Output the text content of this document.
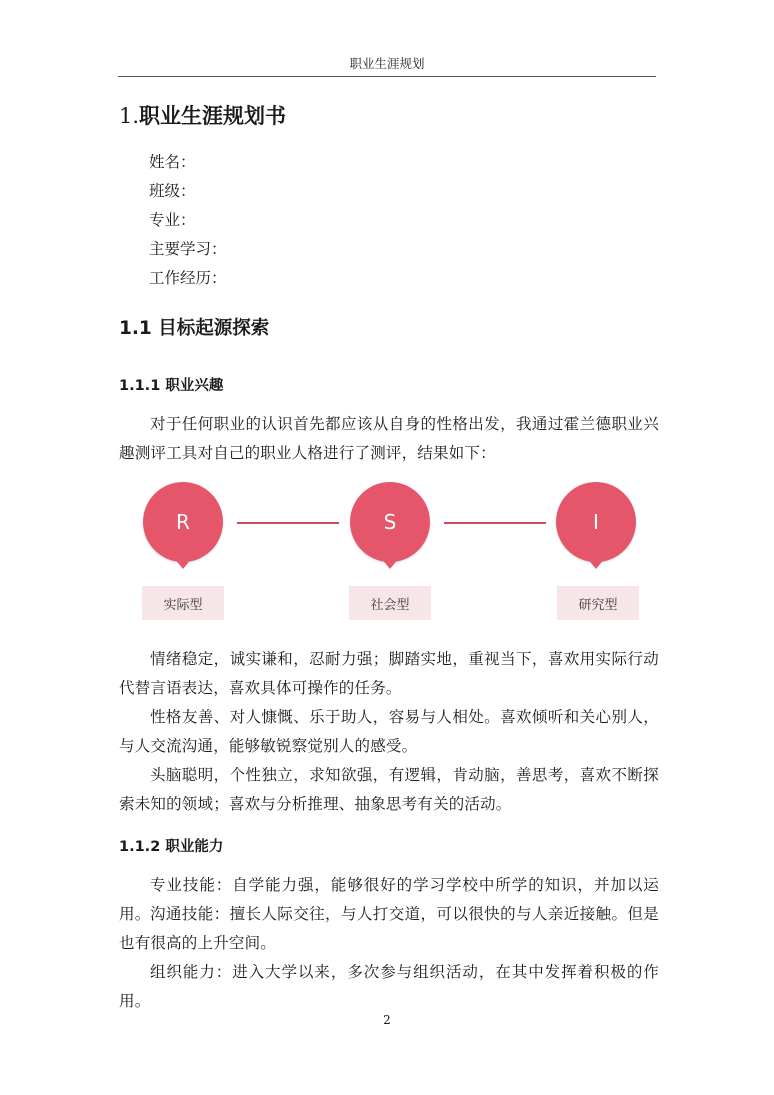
职业生涯规划
1.职业生涯规划书
姓名：
班级：
专业：
主要学习：
工作经历：
1.1 目标起源探索
1.1.1 职业兴趣
对于任何职业的认识首先都应该从自身的性格出发，我通过霍兰德职业兴趣测评工具对自己的职业人格进行了测评，结果如下：
R
实际型
S
社会型
I
研究型
情绪稳定，诚实谦和，忍耐力强；脚踏实地，重视当下，喜欢用实际行动代替言语表达，喜欢具体可操作的任务。
性格友善、对人慷慨、乐于助人，容易与人相处。喜欢倾听和关心别人，与人交流沟通，能够敏锐察觉别人的感受。
头脑聪明，个性独立，求知欲强，有逻辑，肯动脑，善思考，喜欢不断探索未知的领域；喜欢与分析推理、抽象思考有关的活动。
1.1.2 职业能力
专业技能：自学能力强，能够很好的学习学校中所学的知识，并加以运用。 沟通技能：擅长人际交往，与人打交道，可以很快的与人亲近接触。但是也有很高的上升空间。
组织能力：进入大学以来，多次参与组织活动，在其中发挥着积极的作用。
2
